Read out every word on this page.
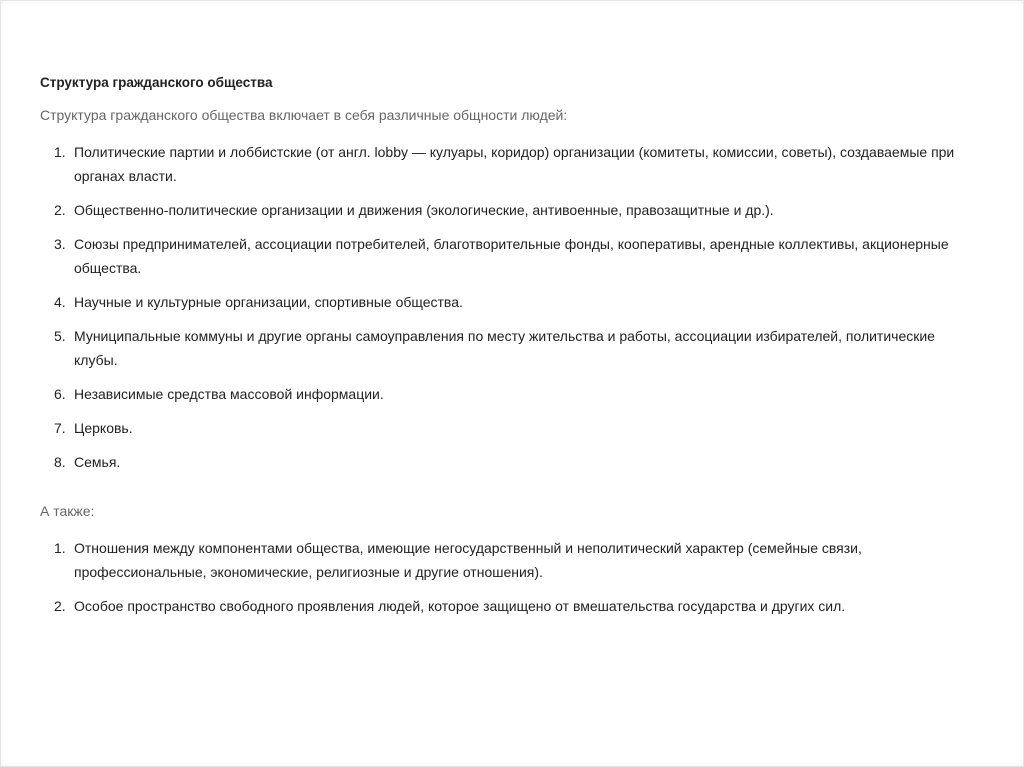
Структура гражданского общества
Структура гражданского общества включает в себя различные общности людей:
1. Политические партии и лоббистские (от англ. lobby — кулуары, коридор) организации (комитеты, комиссии, советы), создаваемые при органах власти.
2. Общественно-политические организации и движения (экологические, антивоенные, правозащитные и др.).
3. Союзы предпринимателей, ассоциации потребителей, благотворительные фонды, кооперативы, арендные коллективы, акционерные общества.
4. Научные и культурные организации, спортивные общества.
5. Муниципальные коммуны и другие органы самоуправления по месту жительства и работы, ассоциации избирателей, политические клубы.
6. Независимые средства массовой информации.
7. Церковь.
8. Семья.
А также:
1. Отношения между компонентами общества, имеющие негосударственный и неполитический характер (семейные связи, профессиональные, экономические, религиозные и другие отношения).
2. Особое пространство свободного проявления людей, которое защищено от вмешательства государства и других сил.
